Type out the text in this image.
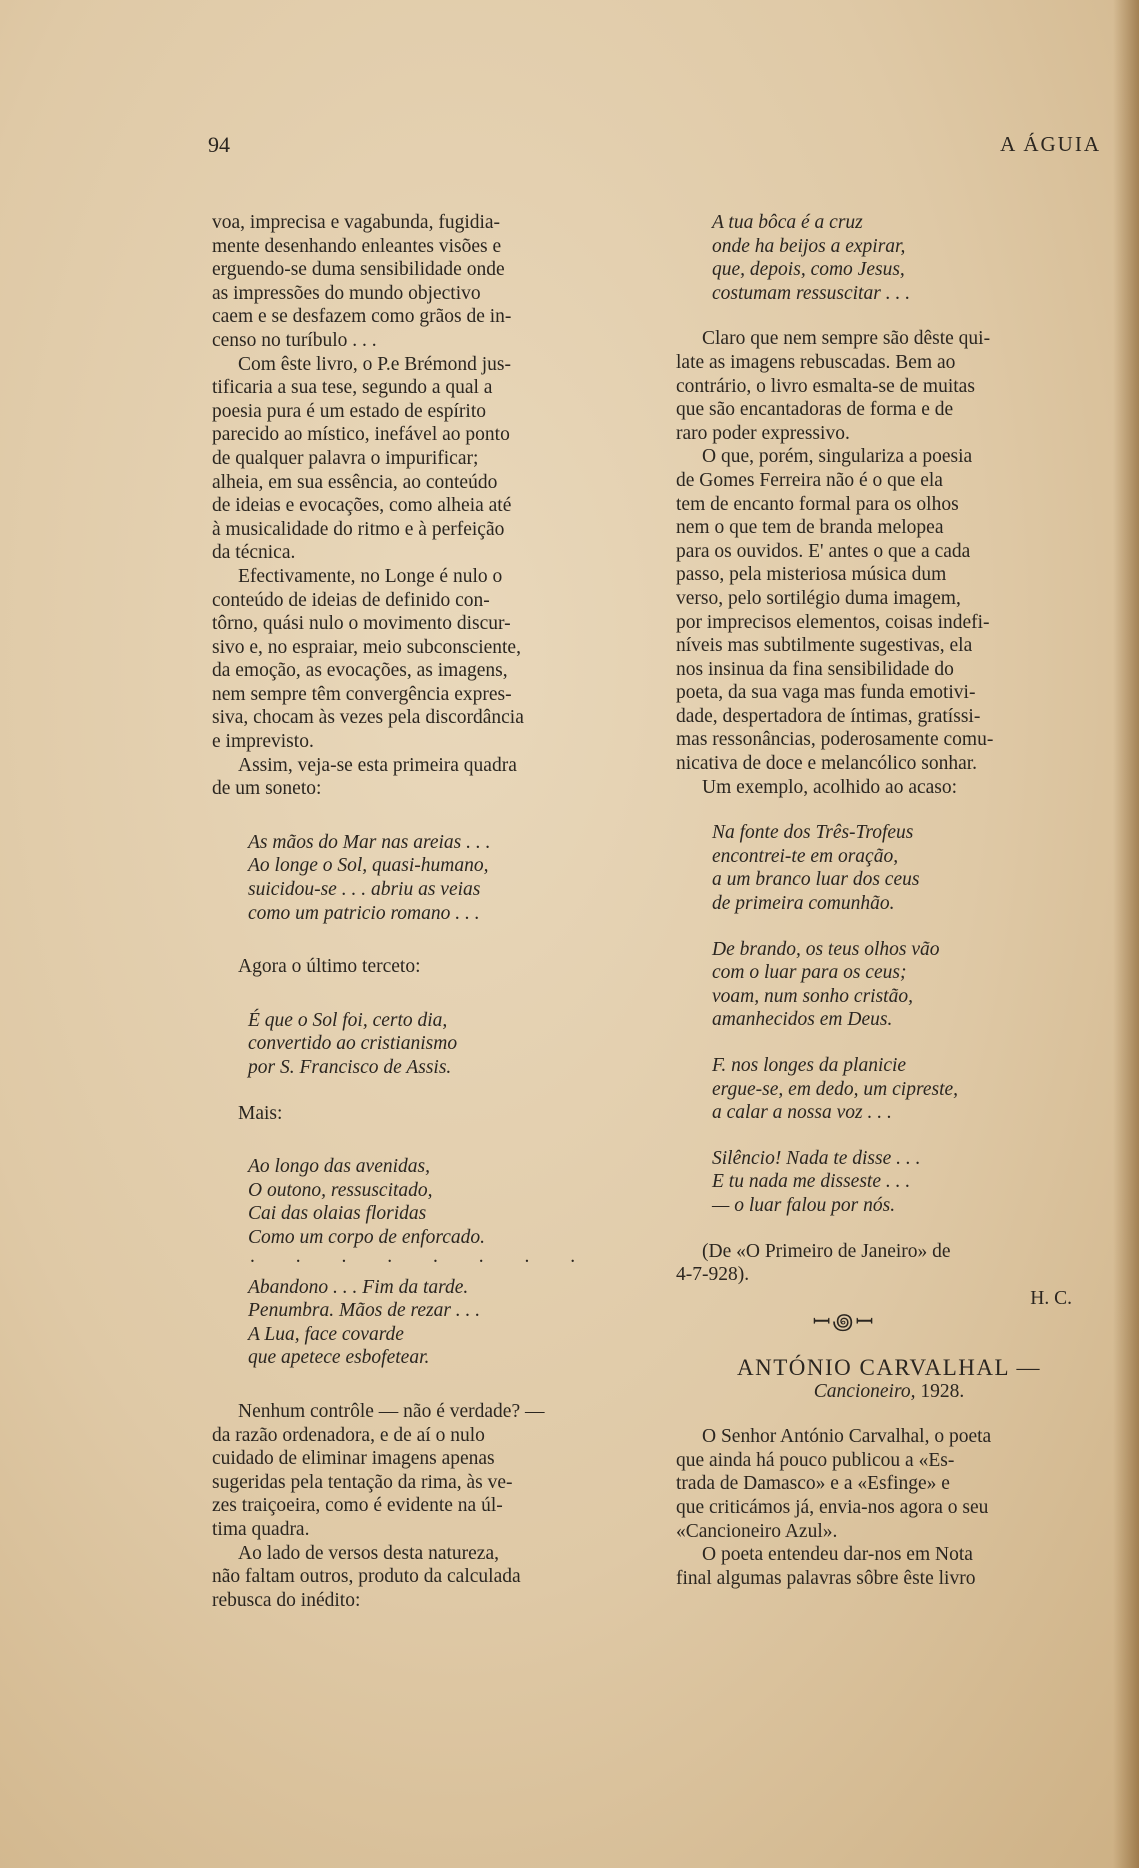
94	A ÁGUIA
voa, imprecisa e vagabunda, fugidia-
mente desenhando enleantes visões e
erguendo-se duma sensibilidade onde
as impressões do mundo objectivo
caem e se desfazem como grãos de in-
censo no turíbulo . . .
Com êste livro, o P.e Brémond jus-
tificaria a sua tese, segundo a qual a
poesia pura é um estado de espírito
parecido ao místico, inefável ao ponto
de qualquer palavra o impurificar;
alheia, em sua essência, ao conteúdo
de ideias e evocações, como alheia até
à musicalidade do ritmo e à perfeição
da técnica.
Efectivamente, no Longe é nulo o
conteúdo de ideias de definido con-
tôrno, quási nulo o movimento discur-
sivo e, no espraiar, meio subconsciente,
da emoção, as evocações, as imagens,
nem sempre têm convergência expres-
siva, chocam às vezes pela discordância
e imprevisto.
Assim, veja-se esta primeira quadra
de um soneto:
As mãos do Mar nas areias . . .
Ao longe o Sol, quasi-humano,
suicidou-se . . . abriu as veias
como um patricio romano . . .
Agora o último terceto:
É que o Sol foi, certo dia,
convertido ao cristianismo
por S. Francisco de Assis.
Mais:
Ao longo das avenidas,
O outono, ressuscitado,
Cai das olaias floridas
Como um corpo de enforcado.
. . . . . . . .
Abandono . . . Fim da tarde.
Penumbra. Mãos de rezar . . .
A Lua, face covarde
que apetece esbofetear.
Nenhum contrôle — não é verdade? —
da razão ordenadora, e de aí o nulo
cuidado de eliminar imagens apenas
sugeridas pela tentação da rima, às ve-
zes traiçoeira, como é evidente na úl-
tima quadra.
Ao lado de versos desta natureza,
não faltam outros, produto da calculada
rebusca do inédito:
A tua bôca é a cruz
onde ha beijos a expirar,
que, depois, como Jesus,
costumam ressuscitar . . .
Claro que nem sempre são dêste qui-
late as imagens rebuscadas. Bem ao
contrário, o livro esmalta-se de muitas
que são encantadoras de forma e de
raro poder expressivo.
O que, porém, singulariza a poesia
de Gomes Ferreira não é o que ela
tem de encanto formal para os olhos
nem o que tem de branda melopea
para os ouvidos. E' antes o que a cada
passo, pela misteriosa música dum
verso, pelo sortilégio duma imagem,
por imprecisos elementos, coisas indefi-
níveis mas subtilmente sugestivas, ela
nos insinua da fina sensibilidade do
poeta, da sua vaga mas funda emotivi-
dade, despertadora de íntimas, gratíssi-
mas ressonâncias, poderosamente comu-
nicativa de doce e melancólico sonhar.
Um exemplo, acolhido ao acaso:
Na fonte dos Três-Trofeus
encontrei-te em oração,
a um branco luar dos ceus
de primeira comunhão.
De brando, os teus olhos vão
com o luar para os ceus;
voam, num sonho cristão,
amanhecidos em Deus.
F. nos longes da planicie
ergue-se, em dedo, um cipreste,
a calar a nossa voz . . .
Silêncio! Nada te disse . . .
E tu nada me disseste . . .
— o luar falou por nós.
(De «O Primeiro de Janeiro» de
4-7-928).
H. C.
ꟷ꩜ꟷ
ANTÓNIO CARVALHAL —
Cancioneiro, 1928.
O Senhor António Carvalhal, o poeta
que ainda há pouco publicou a «Es-
trada de Damasco» e a «Esfinge» e
que criticámos já, envia-nos agora o seu
«Cancioneiro Azul».
O poeta entendeu dar-nos em Nota
final algumas palavras sôbre êste livro
